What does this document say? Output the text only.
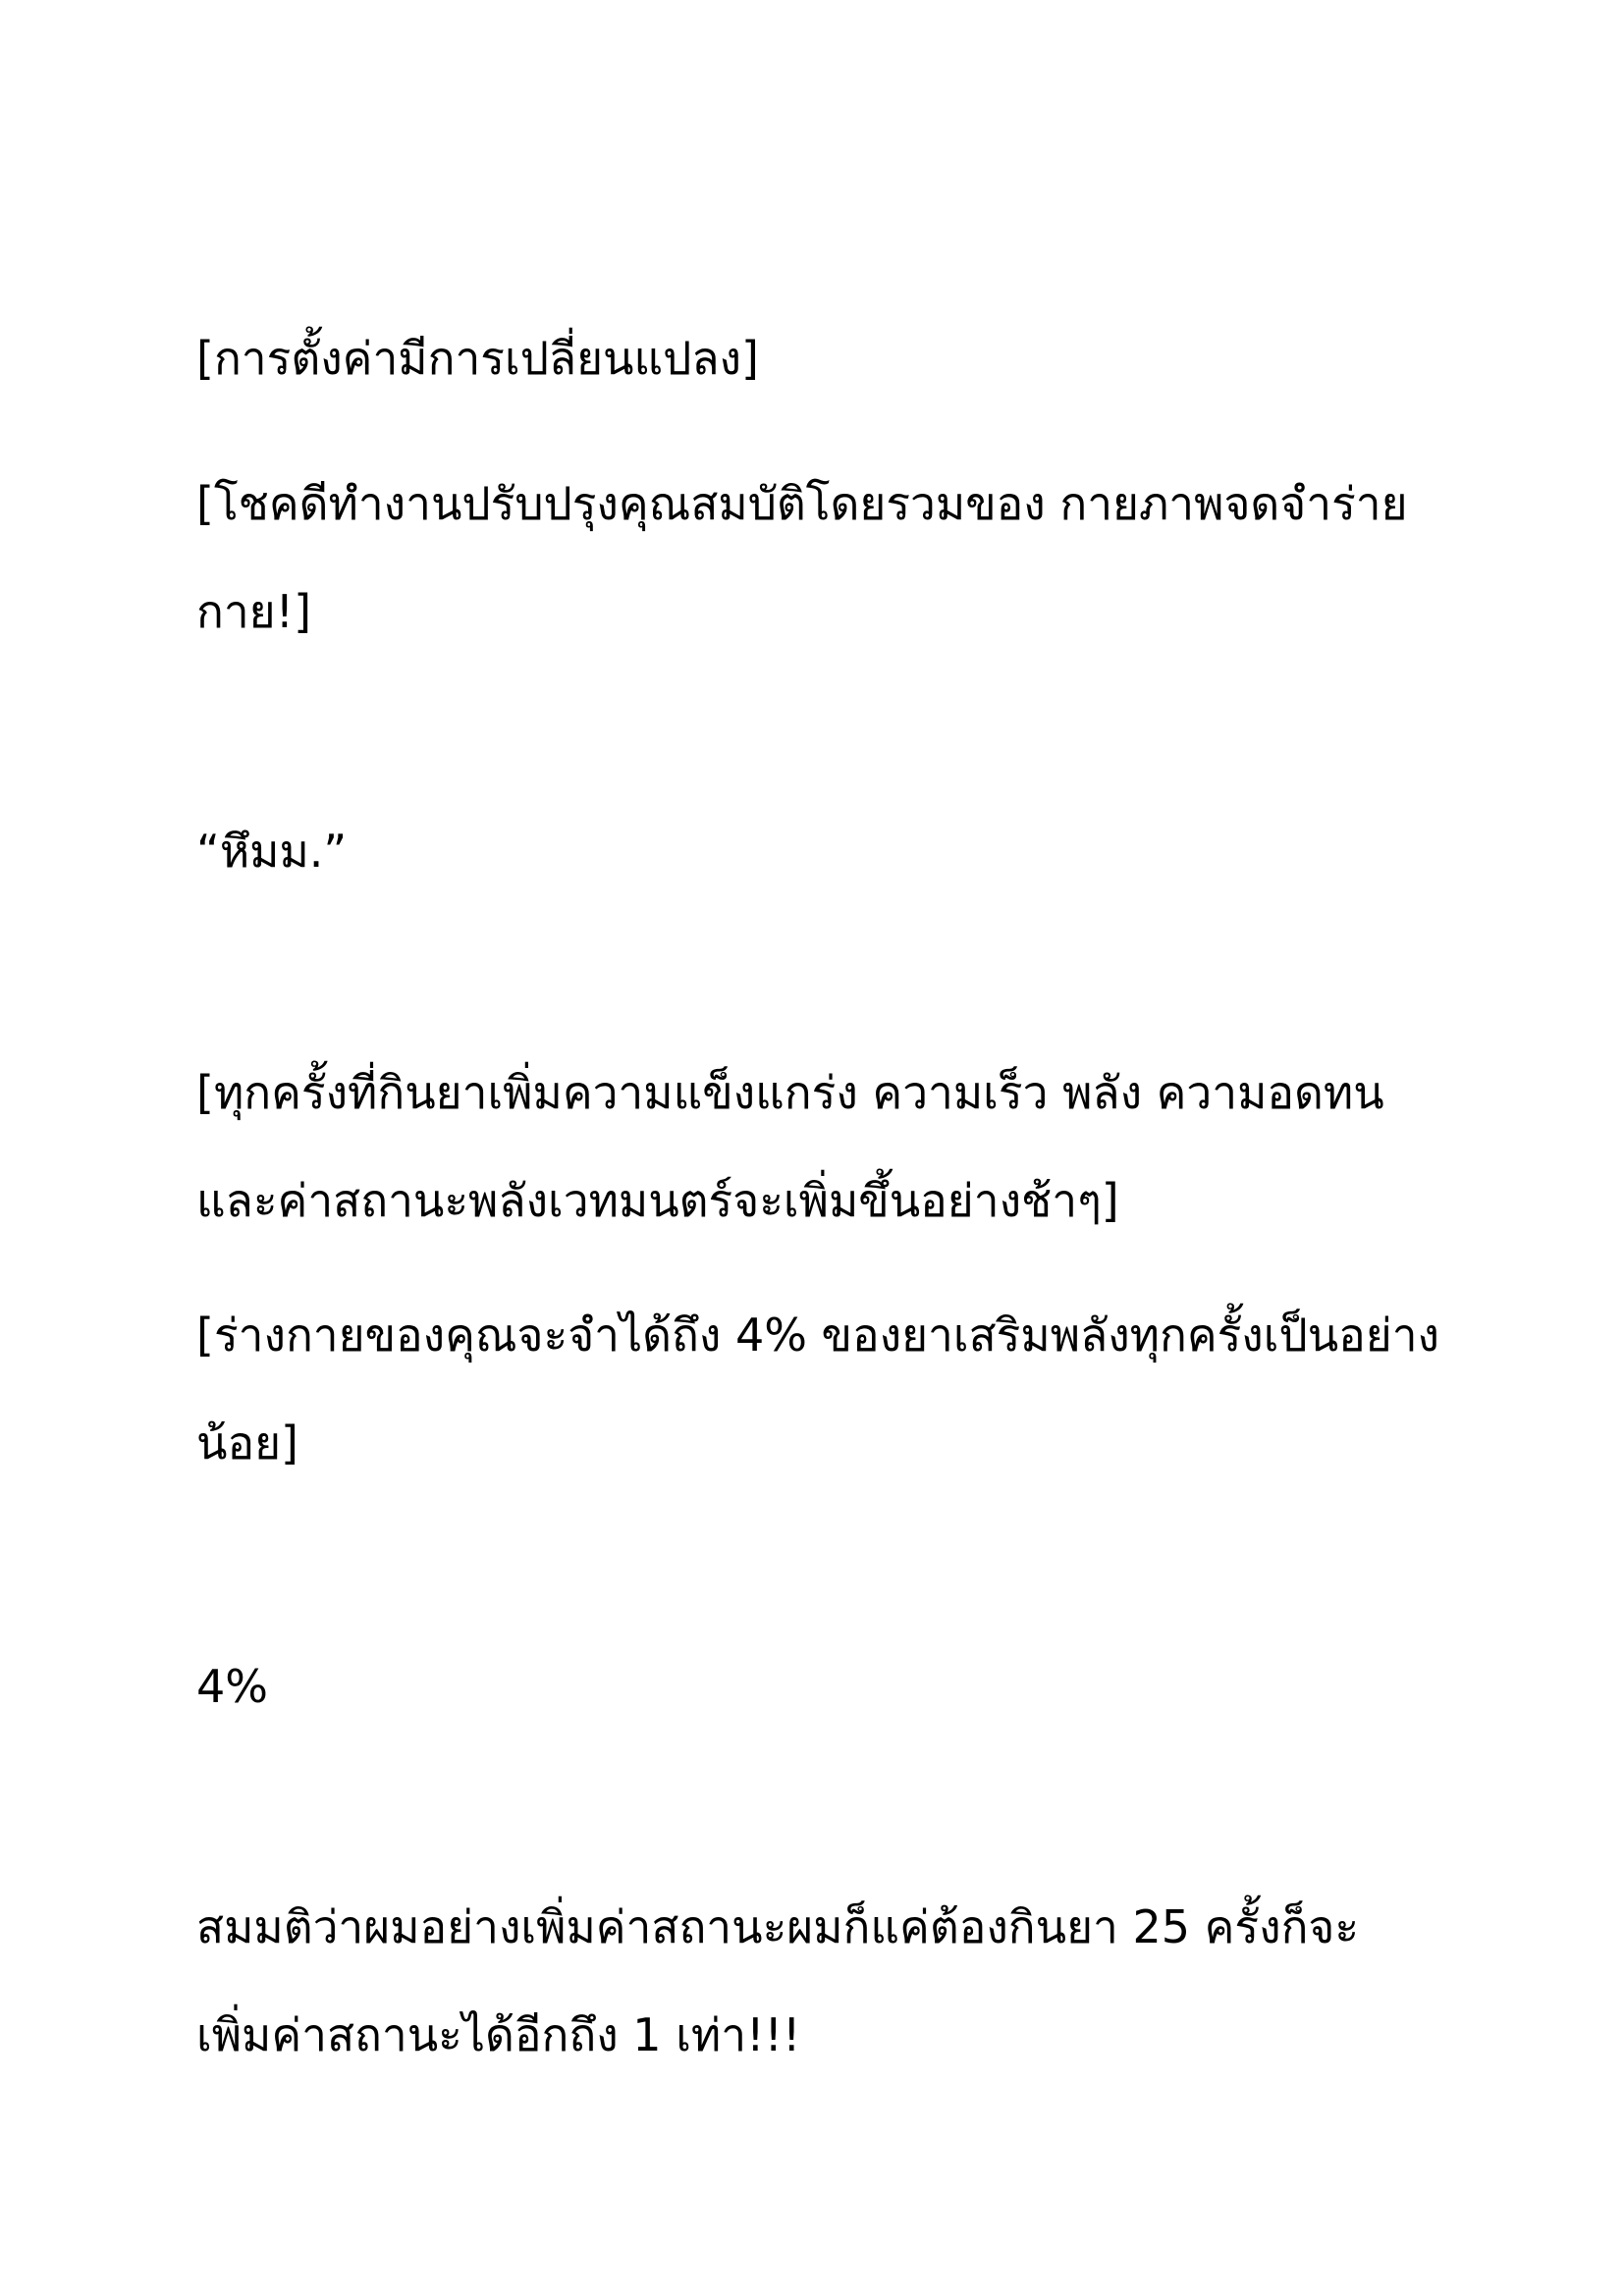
[การตั้งค่ามีการเปลี่ยนแปลง]
[โชคดีทำงานปรับปรุงคุณสมบัติโดยรวมของ กายภาพจดจำร่าย
กาย!]
“หึมม.”
[ทุกครั้งที่กินยาเพิ่มความแข็งแกร่ง ความเร็ว พลัง ความอดทน
และค่าสถานะพลังเวทมนตร์จะเพิ่มขึ้นอย่างช้าๆ]
[ร่างกายของคุณจะจำได้ถึง 4% ของยาเสริมพลังทุกครั้งเป็นอย่าง
น้อย]
4%
สมมติว่าผมอย่างเพิ่มค่าสถานะผมก็แค่ต้องกินยา 25 ครั้งก็จะ
เพิ่มค่าสถานะได้อีกถึง 1 เท่า!!!
